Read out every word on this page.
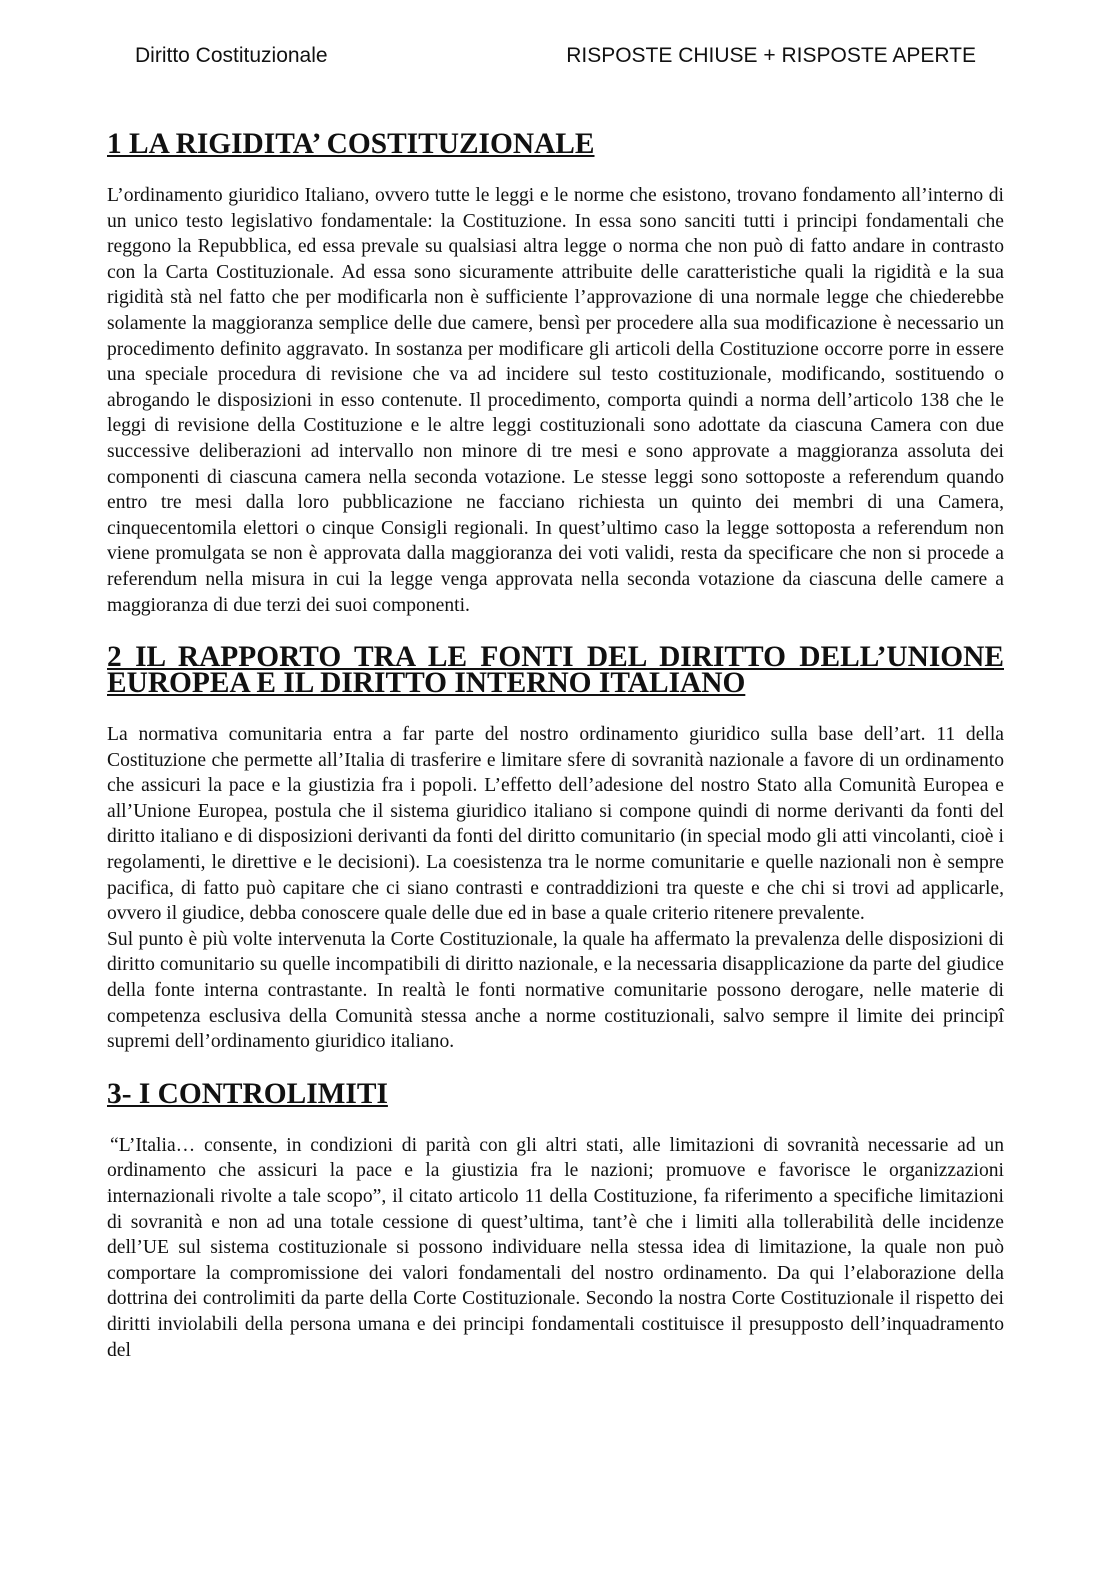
Diritto Costituzionale	RISPOSTE CHIUSE + RISPOSTE APERTE
1 LA RIGIDITA’ COSTITUZIONALE

L’ordinamento giuridico Italiano, ovvero tutte le leggi e le norme che esistono, trovano fondamento all’interno di un unico testo legislativo fondamentale: la Costituzione. In essa sono sanciti tutti i principi fondamentali che reggono la Repubblica, ed essa prevale su qualsiasi altra legge o norma che non può di fatto andare in contrasto con la Carta Costituzionale. Ad essa sono sicuramente attribuite delle caratteristiche quali la rigidità e la sua rigidità stà nel fatto che per modificarla non è sufficiente l’approvazione di una normale legge che chiederebbe solamente la maggioranza semplice delle due camere, bensì per procedere alla sua modificazione è necessario un procedimento definito aggravato. In sostanza per modificare gli articoli della Costituzione occorre porre in essere una speciale procedura di revisione che va ad incidere sul testo costituzionale, modificando, sostituendo o abrogando le disposizioni in esso contenute. Il procedimento, comporta quindi a norma dell’articolo 138 che le leggi di revisione della Costituzione e le altre leggi costituzionali sono adottate da ciascuna Camera con due successive deliberazioni ad intervallo non minore di tre mesi e sono approvate a maggioranza assoluta dei componenti di ciascuna camera nella seconda votazione. Le stesse leggi sono sottoposte a referendum quando entro tre mesi dalla loro pubblicazione ne facciano richiesta un quinto dei membri di una Camera, cinquecentomila elettori o cinque Consigli regionali. In quest’ultimo caso la legge sottoposta a referendum non viene promulgata se non è approvata dalla maggioranza dei voti validi, resta da specificare che non si procede a referendum nella misura in cui la legge venga approvata nella seconda votazione da ciascuna delle camere a maggioranza di due terzi dei suoi componenti.

2 IL RAPPORTO TRA LE FONTI DEL DIRITTO DELL’UNIONE EUROPEA E IL DIRITTO INTERNO ITALIANO

La normativa comunitaria entra a far parte del nostro ordinamento giuridico sulla base dell’art. 11 della Costituzione che permette all’Italia di trasferire e limitare sfere di sovranità nazionale a favore di un ordinamento che assicuri la pace e la giustizia fra i popoli. L’effetto dell’adesione del nostro Stato alla Comunità Europea e all’Unione Europea, postula che il sistema giuridico italiano si compone quindi di norme derivanti da fonti del diritto italiano e di disposizioni derivanti da fonti del diritto comunitario (in special modo gli atti vincolanti, cioè i regolamenti, le direttive e le decisioni). La coesistenza tra le norme comunitarie e quelle nazionali non è sempre pacifica, di fatto può capitare che ci siano contrasti e contraddizioni tra queste e che chi si trovi ad applicarle, ovvero il giudice, debba conoscere quale delle due ed in base a quale criterio ritenere prevalente.

Sul punto è più volte intervenuta la Corte Costituzionale, la quale ha affermato la prevalenza delle disposizioni di diritto comunitario su quelle incompatibili di diritto nazionale, e la necessaria disapplicazione da parte del giudice della fonte interna contrastante. In realtà le fonti normative comunitarie possono derogare, nelle materie di competenza esclusiva della Comunità stessa anche a norme costituzionali, salvo sempre il limite dei principî supremi dell’ordinamento giuridico italiano.

3- I CONTROLIMITI

“L’Italia… consente, in condizioni di parità con gli altri stati, alle limitazioni di sovranità necessarie ad un ordinamento che assicuri la pace e la giustizia fra le nazioni; promuove e favorisce le organizzazioni internazionali rivolte a tale scopo”, il citato articolo 11 della Costituzione, fa riferimento a specifiche limitazioni di sovranità e non ad una totale cessione di quest’ultima, tant’è che i limiti alla tollerabilità delle incidenze dell’UE sul sistema costituzionale si possono individuare nella stessa idea di limitazione, la quale non può comportare la compromissione dei valori fondamentali del nostro ordinamento. Da qui l’elaborazione della dottrina dei controlimiti da parte della Corte Costituzionale. Secondo la nostra Corte Costituzionale il rispetto dei diritti inviolabili della persona umana e dei principi fondamentali costituisce il presupposto dell’inquadramento del
